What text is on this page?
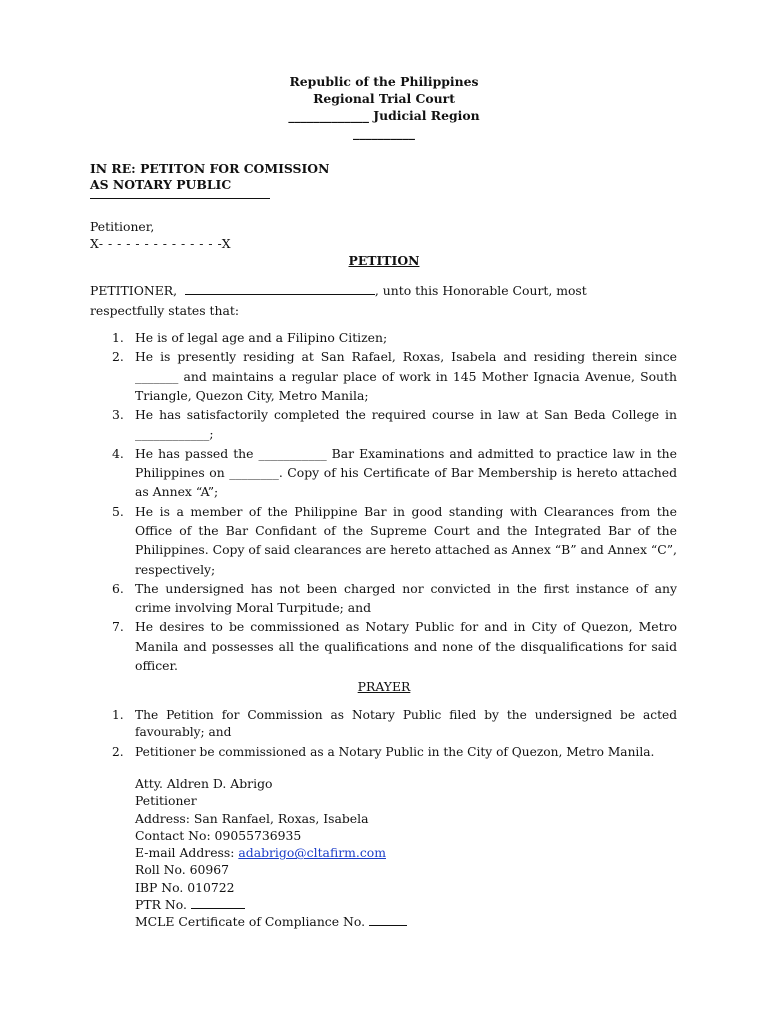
Republic of the Philippines
Regional Trial Court
_____________ Judicial Region
__________
IN RE: PETITON FOR COMISSION
AS NOTARY PUBLIC
Petitioner,
X- - - - - - - - - - - - - -X
PETITION
PETITIONER,	, unto this Honorable Court, most
respectfully states that:
1. He is of legal age and a Filipino Citizen;
2. He is presently residing at San Rafael, Roxas, Isabela and residing therein since _______ and maintains a regular place of work in 145 Mother Ignacia Avenue, South Triangle, Quezon City, Metro Manila;
3. He has satisfactorily completed the required course in law at San Beda College in ____________;
4. He has passed the ___________ Bar Examinations and admitted to practice law in the Philippines on ________. Copy of his Certificate of Bar Membership is hereto attached as Annex “A”;
5. He is a member of the Philippine Bar in good standing with Clearances from the Office of the Bar Confidant of the Supreme Court and the Integrated Bar of the Philippines. Copy of said clearances are hereto attached as Annex “B” and Annex “C”, respectively;
6. The undersigned has not been charged nor convicted in the first instance of any crime involving Moral Turpitude; and
7. He desires to be commissioned as Notary Public for and in City of Quezon, Metro Manila and possesses all the qualifications and none of the disqualifications for said officer.
PRAYER
1. The Petition for Commission as Notary Public filed by the undersigned be acted favourably; and
2. Petitioner be commissioned as a Notary Public in the City of Quezon, Metro Manila.
Atty. Aldren D. Abrigo
Petitioner
Address: San Ranfael, Roxas, Isabela
Contact No: 09055736935
E-mail Address: adabrigo@cltafirm.com
Roll No. 60967
IBP No. 010722
PTR No.
MCLE Certificate of Compliance No.
